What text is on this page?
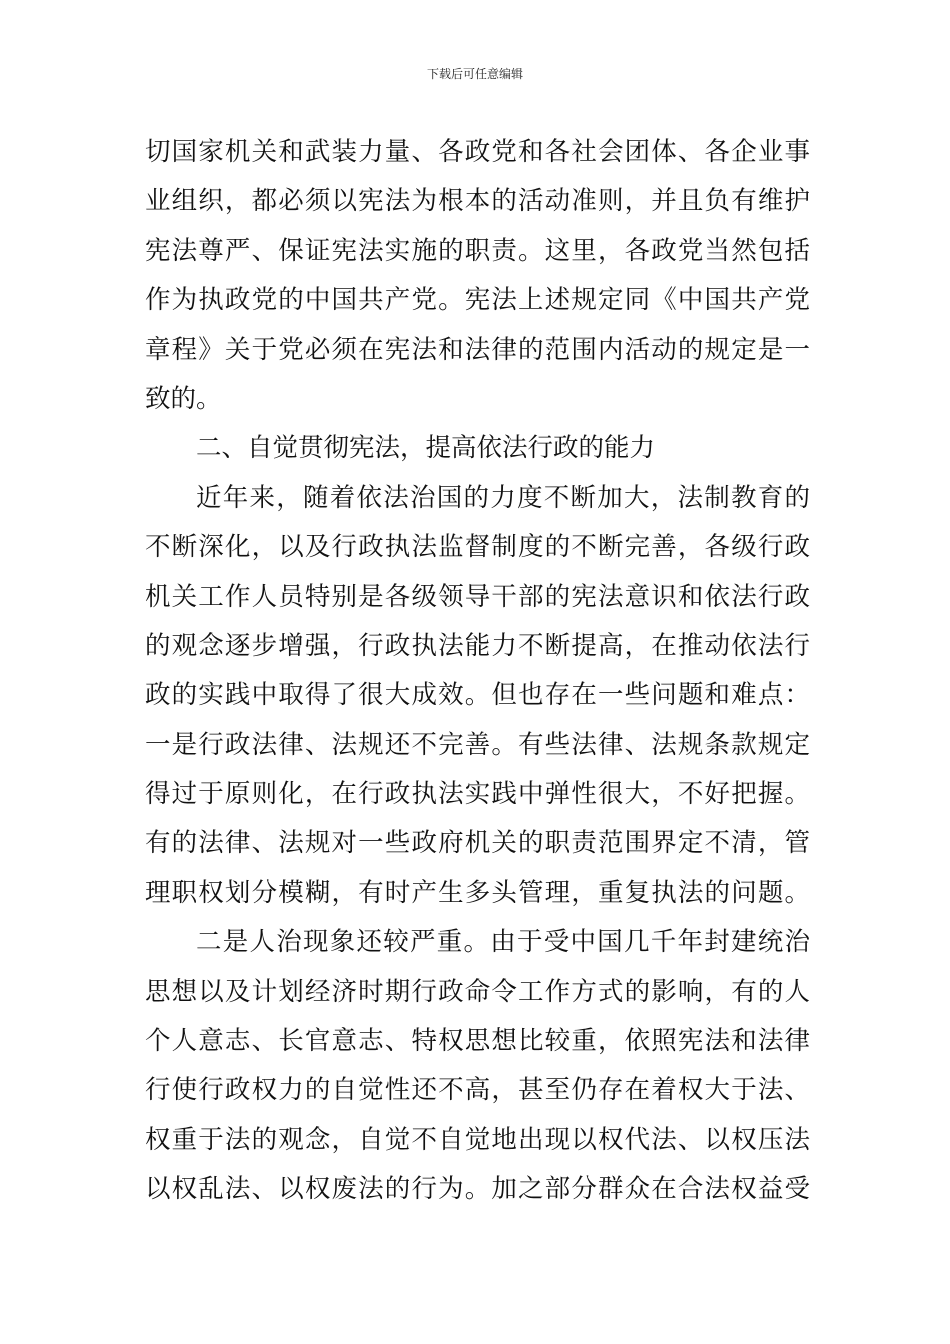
下载后可任意编辑
切国家机关和武装力量、各政党和各社会团体、各企业事
业组织，都必须以宪法为根本的活动准则，并且负有维护
宪法尊严、保证宪法实施的职责。这里，各政党当然包括
作为执政党的中国共产党。宪法上述规定同《中国共产党
章程》关于党必须在宪法和法律的范围内活动的规定是一
致的。
二、自觉贯彻宪法，提高依法行政的能力
近年来，随着依法治国的力度不断加大，法制教育的
不断深化，以及行政执法监督制度的不断完善，各级行政
机关工作人员特别是各级领导干部的宪法意识和依法行政
的观念逐步增强，行政执法能力不断提高，在推动依法行
政的实践中取得了很大成效。但也存在一些问题和难点：
一是行政法律、法规还不完善。有些法律、法规条款规定
得过于原则化，在行政执法实践中弹性很大，不好把握。
有的法律、法规对一些政府机关的职责范围界定不清，管
理职权划分模糊，有时产生多头管理，重复执法的问题。
二是人治现象还较严重。由于受中国几千年封建统治
思想以及计划经济时期行政命令工作方式的影响，有的人
个人意志、长官意志、特权思想比较重，依照宪法和法律
行使行政权力的自觉性还不高，甚至仍存在着权大于法、
权重于法的观念，自觉不自觉地出现以权代法、以权压法
以权乱法、以权废法的行为。加之部分群众在合法权益受
